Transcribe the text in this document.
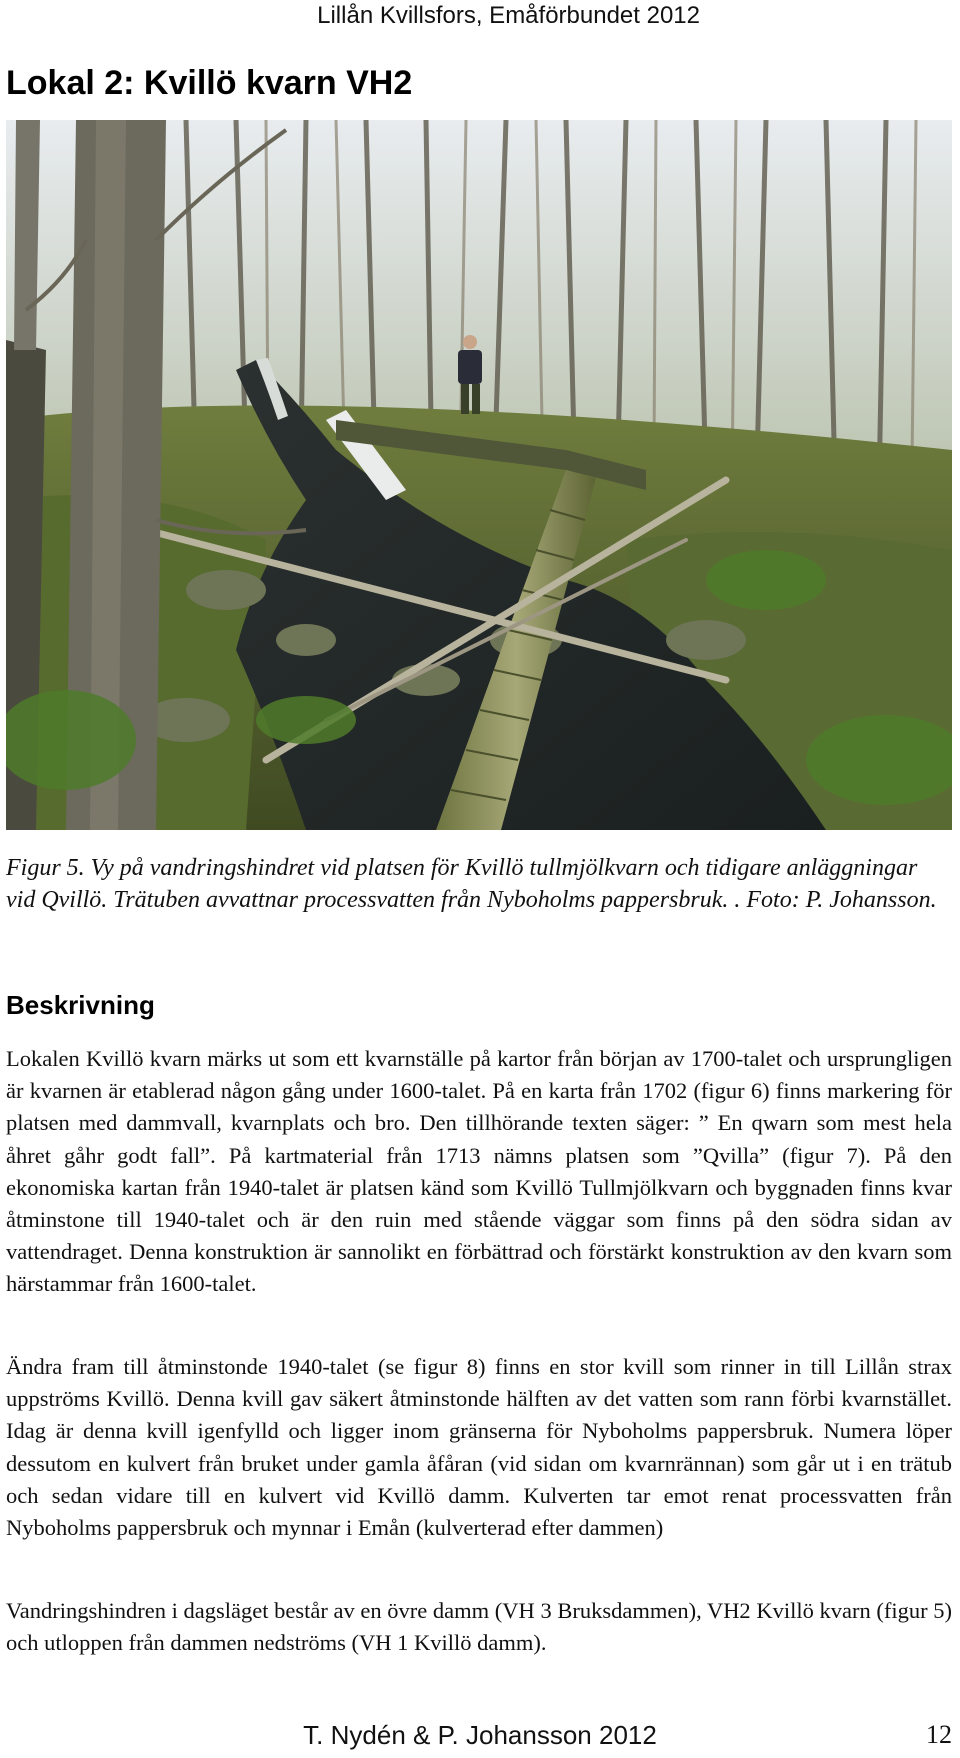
Lillån Kvillsfors, Emåförbundet 2012
Lokal 2: Kvillö kvarn VH2
Figur 5. Vy på vandringshindret vid platsen för Kvillö tullmjölkvarn och tidigare anläggningar vid Qvillö. Trätuben avvattnar processvatten från Nyboholms pappersbruk. . Foto: P. Johansson.
Beskrivning
Lokalen Kvillö kvarn märks ut som ett kvarnställe på kartor från början av 1700-talet och ursprungligen är kvarnen är etablerad någon gång under 1600-talet. På en karta från 1702 (figur 6) finns markering för platsen med dammvall, kvarnplats och bro. Den tillhörande texten säger: ” En qwarn som mest hela åhret gåhr godt fall”. På kartmaterial från 1713 nämns platsen som ”Qvilla” (figur 7). På den ekonomiska kartan från 1940-talet är platsen känd som Kvillö Tullmjölkvarn och byggnaden finns kvar åtminstone till 1940-talet och är den ruin med stående väggar som finns på den södra sidan av vattendraget. Denna konstruktion är sannolikt en förbättrad och förstärkt konstruktion av den kvarn som härstammar från 1600-talet.
Ändra fram till åtminstonde 1940-talet (se figur 8) finns en stor kvill som rinner in till Lillån strax uppströms Kvillö. Denna kvill gav säkert åtminstonde hälften av det vatten som rann förbi kvarnstället. Idag är denna kvill igenfylld och ligger inom gränserna för Nyboholms pappersbruk. Numera löper dessutom en kulvert från bruket under gamla åfåran (vid sidan om kvarnrännan) som går ut i en trätub och sedan vidare till en kulvert vid Kvillö damm. Kulverten tar emot renat processvatten från Nyboholms pappersbruk och mynnar i Emån (kulverterad efter dammen)
Vandringshindren i dagsläget består av en övre damm (VH 3 Bruksdammen), VH2 Kvillö kvarn (figur 5) och utloppen från dammen nedströms (VH 1 Kvillö damm).
T. Nydén & P. Johansson 2012	12
